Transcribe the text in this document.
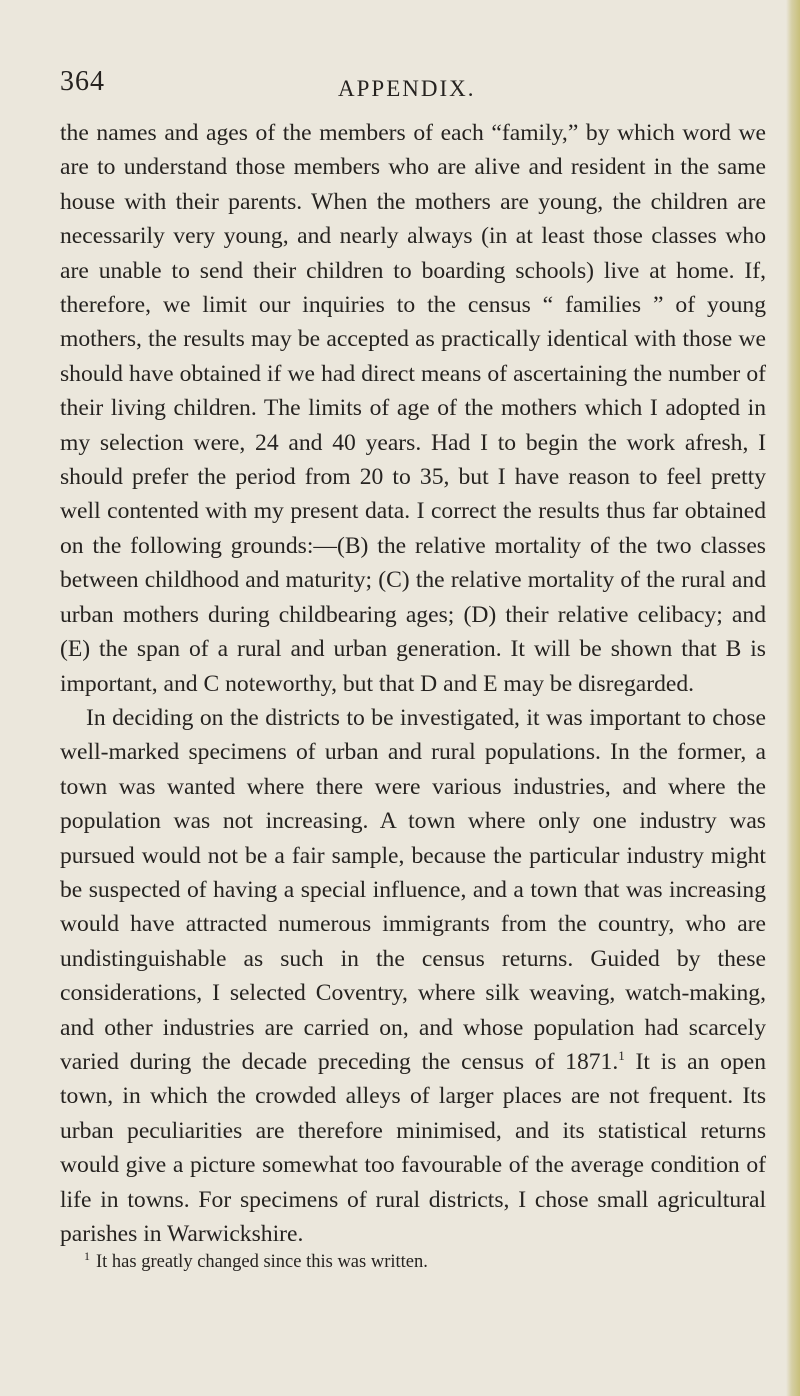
364	APPENDIX.

the names and ages of the members of each “family,” by which word we are to understand those members who are alive and resident in the same house with their parents. When the mothers are young, the children are necessarily very young, and nearly always (in at least those classes who are unable to send their children to boarding schools) live at home. If, therefore, we limit our inquiries to the census “ families ” of young mothers, the results may be accepted as practically identical with those we should have obtained if we had direct means of ascertaining the number of their living children. The limits of age of the mothers which I adopted in my selection were, 24 and 40 years. Had I to begin the work afresh, I should prefer the period from 20 to 35, but I have reason to feel pretty well contented with my present data. I correct the results thus far obtained on the following grounds:—(B) the relative mortality of the two classes between childhood and maturity; (C) the relative mortality of the rural and urban mothers during childbearing ages; (D) their relative celibacy; and (E) the span of a rural and urban generation. It will be shown that B is important, and C noteworthy, but that D and E may be disregarded.

In deciding on the districts to be investigated, it was important to chose well-marked specimens of urban and rural populations. In the former, a town was wanted where there were various industries, and where the population was not increasing. A town where only one industry was pursued would not be a fair sample, because the particular industry might be suspected of having a special influence, and a town that was increasing would have attracted numerous immigrants from the country, who are undistinguishable as such in the census returns. Guided by these considerations, I selected Coventry, where silk weaving, watch-making, and other industries are carried on, and whose population had scarcely varied during the decade preceding the census of 1871.$^1$ It is an open town, in which the crowded alleys of larger places are not frequent. Its urban peculiarities are therefore minimised, and its statistical returns would give a picture somewhat too favourable of the average condition of life in towns. For specimens of rural districts, I chose small agricultural parishes in Warwickshire.

$^1$ It has greatly changed since this was written.
